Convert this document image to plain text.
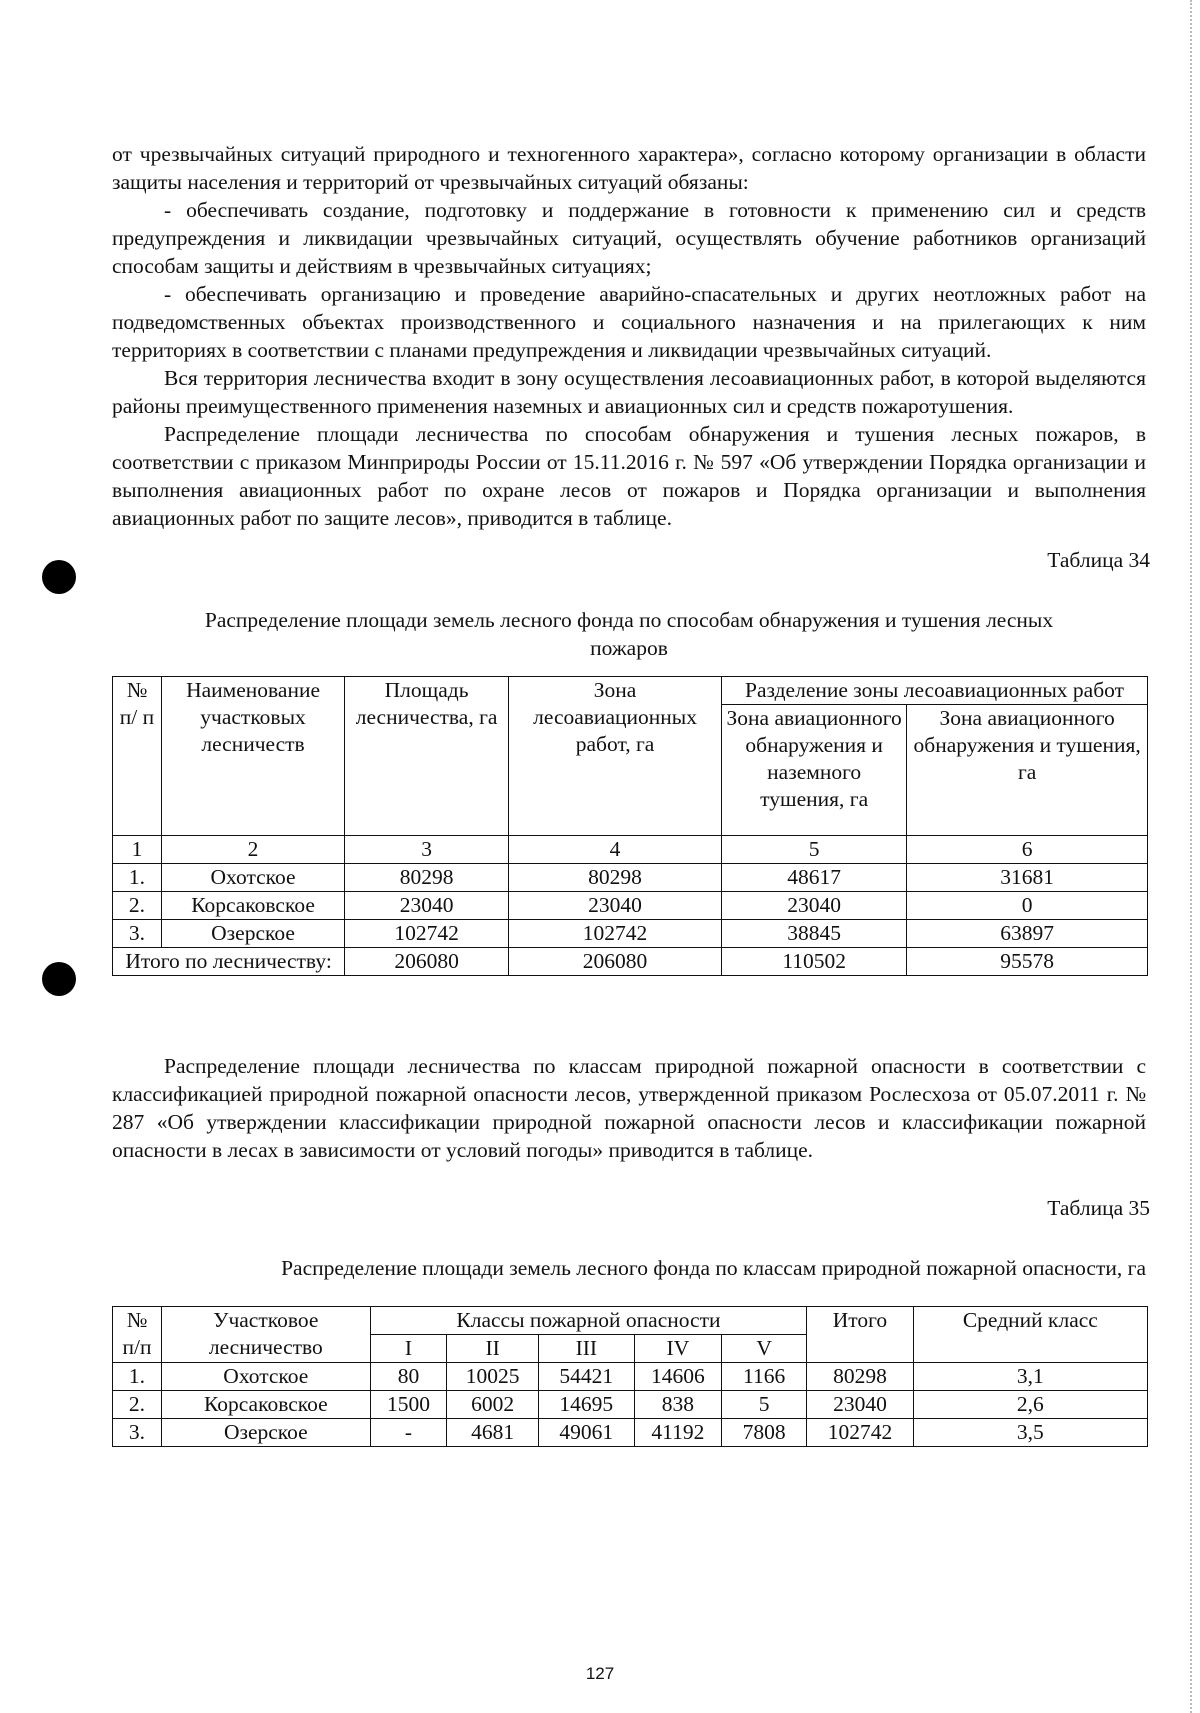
от чрезвычайных ситуаций природного и техногенного характера», согласно которому организации в области защиты населения и территорий от чрезвычайных ситуаций обязаны:

- обеспечивать создание, подготовку и поддержание в готовности к применению сил и средств предупреждения и ликвидации чрезвычайных ситуаций, осуществлять обучение работников организаций способам защиты и действиям в чрезвычайных ситуациях;

- обеспечивать организацию и проведение аварийно-спасательных и других неотложных работ на подведомственных объектах производственного и социального назначения и на прилегающих к ним территориях в соответствии с планами предупреждения и ликвидации чрезвычайных ситуаций.

Вся территория лесничества входит в зону осуществления лесоавиационных работ, в которой выделяются районы преимущественного применения наземных и авиационных сил и средств пожаротушения.

Распределение площади лесничества по способам обнаружения и тушения лесных пожаров, в соответствии с приказом Минприроды России от 15.11.2016 г. № 597 «Об утверждении Порядка организации и выполнения авиационных работ по охране лесов от пожаров и Порядка организации и выполнения авиационных работ по защите лесов», приводится в таблице.

Таблица 34
Распределение площади земель лесного фонда по способам обнаружения и тушения лесных
пожаров
№ п/ п	Наименование участковых лесничеств	Площадь лесничества, га	Зона лесоавиационных работ, га	Разделение зоны лесоавиационных работ	
				Зона авиационного обнаружения и наземного тушения, га	Зона авиационного обнаружения и тушения, га
1	2	3	4	5	6
1.	Охотское	80298	80298	48617	31681
2.	Корсаковское	23040	23040	23040	0
3.	Озерское	102742	102742	38845	63897
Итого по лесничеству:		206080	206080	110502	95578

Распределение площади лесничества по классам природной пожарной опасности в соответствии с классификацией природной пожарной опасности лесов, утвержденной приказом Рослесхоза от 05.07.2011 г. № 287 «Об утверждении классификации природной пожарной опасности лесов и классификации пожарной опасности в лесах в зависимости от условий погоды» приводится в таблице.

Таблица 35
Распределение площади земель лесного фонда по классам природной пожарной опасности, га
№ п/п	Участковое лесничество	Классы пожарной опасности					Итого	Средний класс
		I	II	III	IV	V		
1.	Охотское	80	10025	54421	14606	1166	80298	3,1
2.	Корсаковское	1500	6002	14695	838	5	23040	2,6
3.	Озерское	-	4681	49061	41192	7808	102742	3,5
127
